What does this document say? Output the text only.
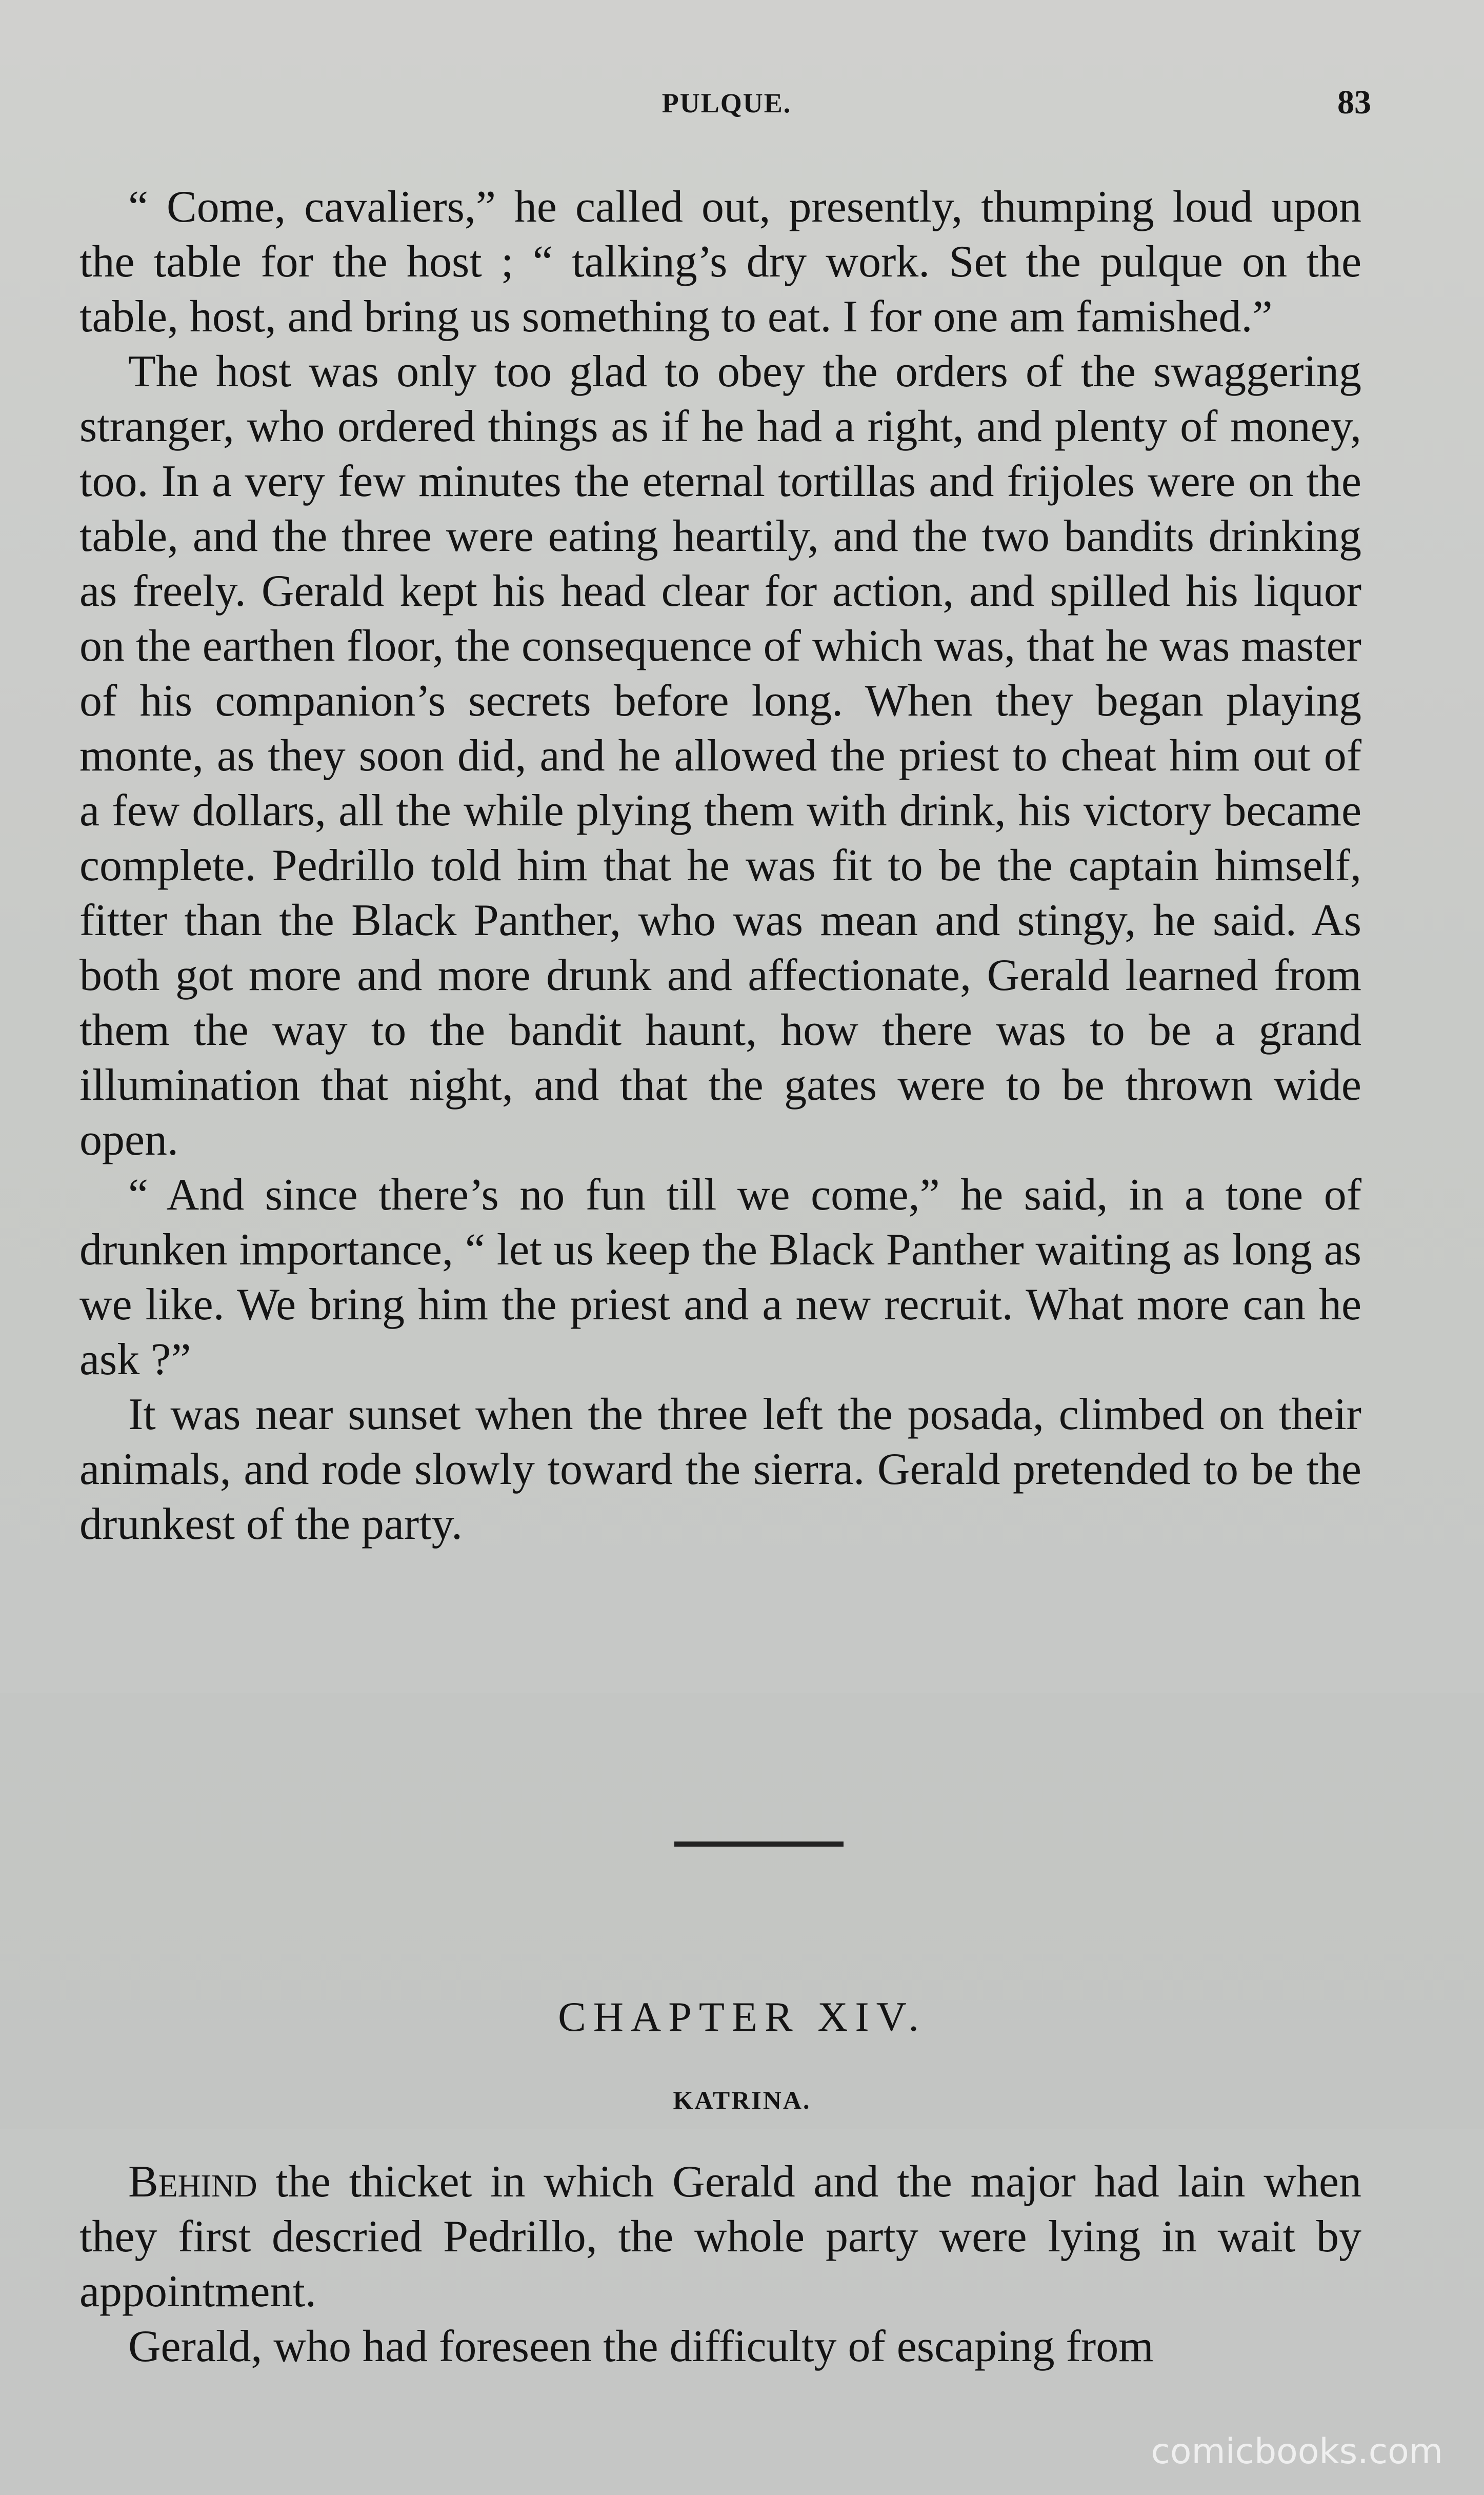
PULQUE.	83

“ Come, cavaliers,” he called out, presently, thumping loud upon the table for the host ; “ talking’s dry work. Set the pulque on the table, host, and bring us something to eat. I for one am famished.”

The host was only too glad to obey the orders of the swaggering stranger, who ordered things as if he had a right, and plenty of money, too. In a very few minutes the eternal tortillas and frijoles were on the table, and the three were eating heartily, and the two bandits drinking as freely. Gerald kept his head clear for action, and spilled his liquor on the earthen floor, the consequence of which was, that he was master of his companion’s secrets before long. When they began playing monte, as they soon did, and he allowed the priest to cheat him out of a few dollars, all the while plying them with drink, his victory became complete. Pedrillo told him that he was fit to be the captain himself, fitter than the Black Panther, who was mean and stingy, he said. As both got more and more drunk and affectionate, Gerald learned from them the way to the bandit haunt, how there was to be a grand illumination that night, and that the gates were to be thrown wide open.

“ And since there’s no fun till we come,” he said, in a tone of drunken importance, “ let us keep the Black Panther waiting as long as we like. We bring him the priest and a new recruit. What more can he ask ?”

It was near sunset when the three left the posada, climbed on their animals, and rode slowly toward the sierra. Gerald pretended to be the drunkest of the party.

CHAPTER XIV.
KATRINA.

Behind the thicket in which Gerald and the major had lain when they first descried Pedrillo, the whole party were lying in wait by appointment.

Gerald, who had foreseen the difficulty of escaping from

comicbooks.com
